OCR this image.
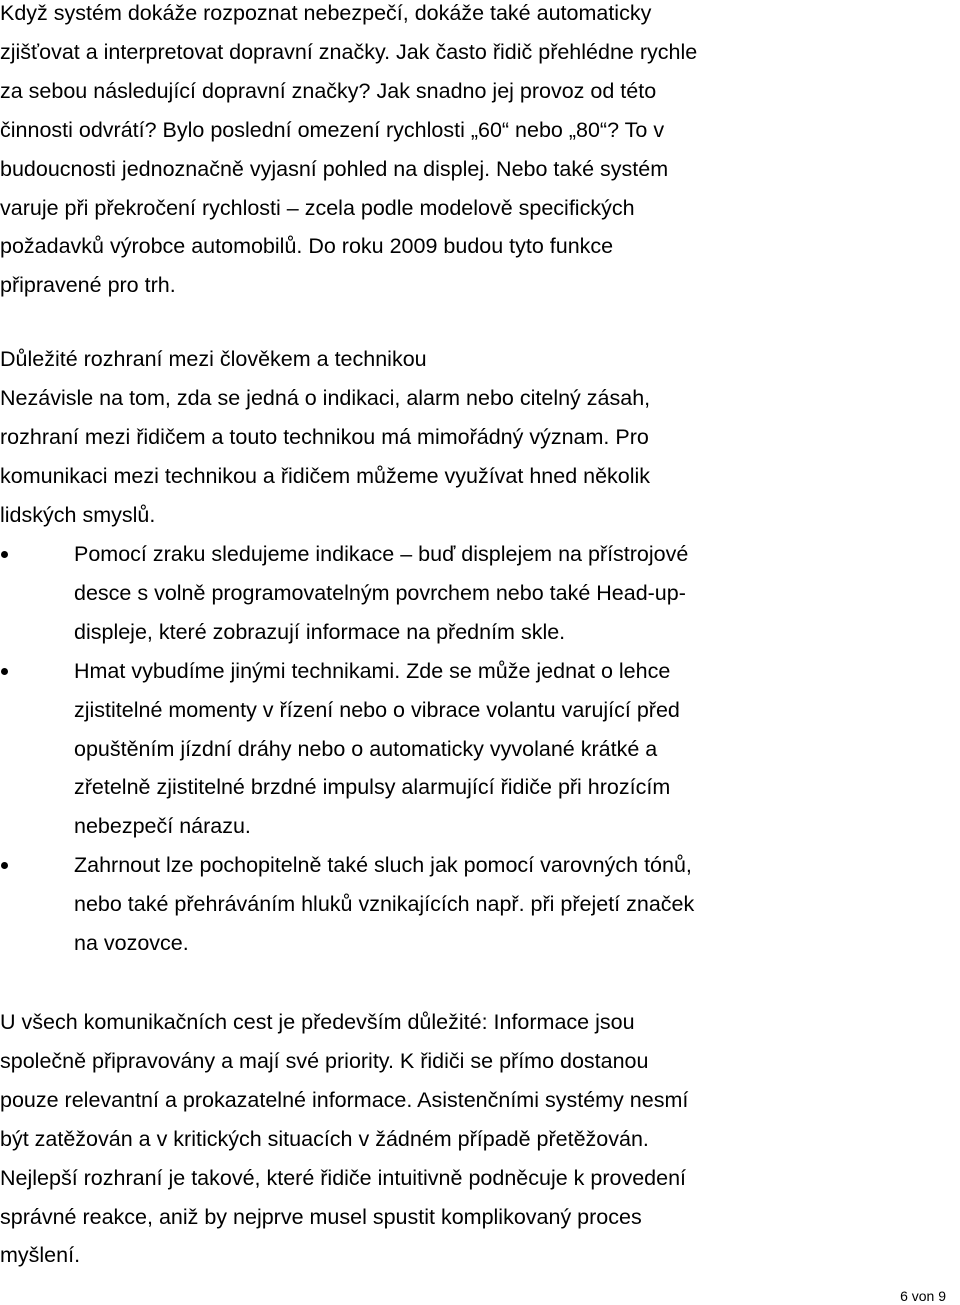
Když systém dokáže rozpoznat nebezpečí, dokáže také automaticky zjišťovat a interpretovat dopravní značky. Jak často řidič přehlédne rychle za sebou následující dopravní značky? Jak snadno jej provoz od této činnosti odvrátí? Bylo poslední omezení rychlosti „60“ nebo „80“? To v budoucnosti jednoznačně vyjasní pohled na displej. Nebo také systém varuje při překročení rychlosti – zcela podle modelově specifických požadavků výrobce automobilů. Do roku 2009 budou tyto funkce připravené pro trh.

Důležité rozhraní mezi člověkem a technikou

Nezávisle na tom, zda se jedná o indikaci, alarm nebo citelný zásah, rozhraní mezi řidičem a touto technikou má mimořádný význam. Pro komunikaci mezi technikou a řidičem můžeme využívat hned několik lidských smyslů.

Pomocí zraku sledujeme indikace – buď displejem na přístrojové desce s volně programovatelným povrchem nebo také Head-up-displeje, které zobrazují informace na předním skle.
Hmat vybudíme jinými technikami. Zde se může jednat o lehce zjistitelné momenty v řízení nebo o vibrace volantu varující před opuštěním jízdní dráhy nebo o automaticky vyvolané krátké a zřetelně zjistitelné brzdné impulsy alarmující řidiče při hrozícím nebezpečí nárazu.
Zahrnout lze pochopitelně také sluch jak pomocí varovných tónů, nebo také přehráváním hluků vznikajících např. při přejetí značek na vozovce.

U všech komunikačních cest je především důležité: Informace jsou společně připravovány a mají své priority. K řidiči se přímo dostanou pouze relevantní a prokazatelné informace. Asistenčními systémy nesmí být zatěžován a v kritických situacích v žádném případě přetěžován. Nejlepší rozhraní je takové, které řidiče intuitivně podněcuje k provedení správné reakce, aniž by nejprve musel spustit komplikovaný proces myšlení.

6 von 9
